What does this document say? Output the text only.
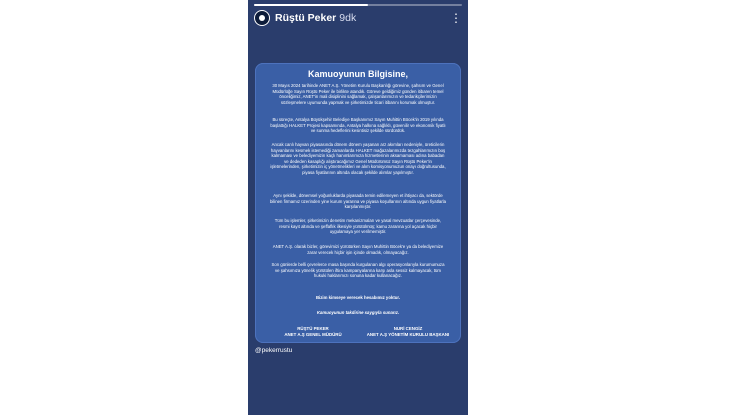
Rüştü Peker 9dk	⋮
Kamuoyunun Bilgisine,
30 Mayıs 2024 tarihinde ANET A.Ş. Yönetim Kurulu Başkanlığı görevine, şahsım ve Genel Müdürlüğe Sayın Rüştü Peker ile birlikte atandık. Göreve geldiğimiz günden itibaren temel önceliğimiz, ANET'in mali disiplinini sağlamak, çalışanlarımızın ve tedarikçilerimizin sözleşmelere uyumunda yapmak ve şirketimizde ticari itibarını korumak olmuştur.
Bu süreçte, Antalya Büyükşehir Belediye Başkanımız Sayın Muhittin Böcek'in 2019 yılında başlattığı HALKET Projesi kapsamında, Antalya halkına sağlıklı, güvenilir ve ekonomik fiyatlı ve sunma hedeflerini kesintisiz şekilde sürdürdük.
Ancak canlı hayvan piyasasında dönem dönem yaşanan arz akımları nedeniyle, üreticilerin hayvanlarını kesmek istemediği zamanlarda HALKET mağazalarımızda tezgahlarımızın boş kalmaması ve belediyemizin kaçlı hanımlarımıza hizmetlerinin aksamaması adına babadan ve dededen kasaplığı alıştıracağımız Genel Müdürümüz Sayın Rüştü Peker'in işletmelerinden, şirketimizin iç yönetmelikleri ve alım komisyonumuzun onayı doğrultusunda, piyasa fiyatlarının altında olacak şekilde alımlar yapılmıştır.
Aynı şekilde, dönemsel yoğunluklarda piyasada temin edilemeyen et ihtiyacı da, sektörde bilinen firmamız üzerinden yine kurum yararına ve piyasa koşullarının altında uygun fiyatlarla karşılanmıştır.
Tüm bu işlemler, şirketimizin denetim mekanizmaları ve yasal mevzuatlar çerçevesinde, resmi kayıt altında ve şeffaflık ilkesiyle yürütülmüş; kamu zararına yol açacak hiçbir uygulamaya yer verilmemiştir.
ANET A.Ş. olarak bizler, görevimizi yürütürken Sayın Muhittin Böcek'e ya da belediyemize zarar verecek hiçbir işin içinde olmadık, olmayacağız.
Son günlerde belli çevrelerce masa başında kurgulanan algı operasyonlarıyla kurumumuza ve şahsımıza yönelik yürütülen iftira kampanyalarına karşı asla sessiz kalmayacak, tüm hukuki haklarımızı sonuna kadar kullanacağız.
Bizim kimseye verecek hesabımız yoktur.
Kamuoyunun takdirine saygıyla sunarız.
RÜŞTÜ PEKER
ANET A.Ş GENEL MÜDÜRÜ
NURİ CENGİZ
ANET A.Ş YÖNETİM KURULU BAŞKANI
@pekerrustu
